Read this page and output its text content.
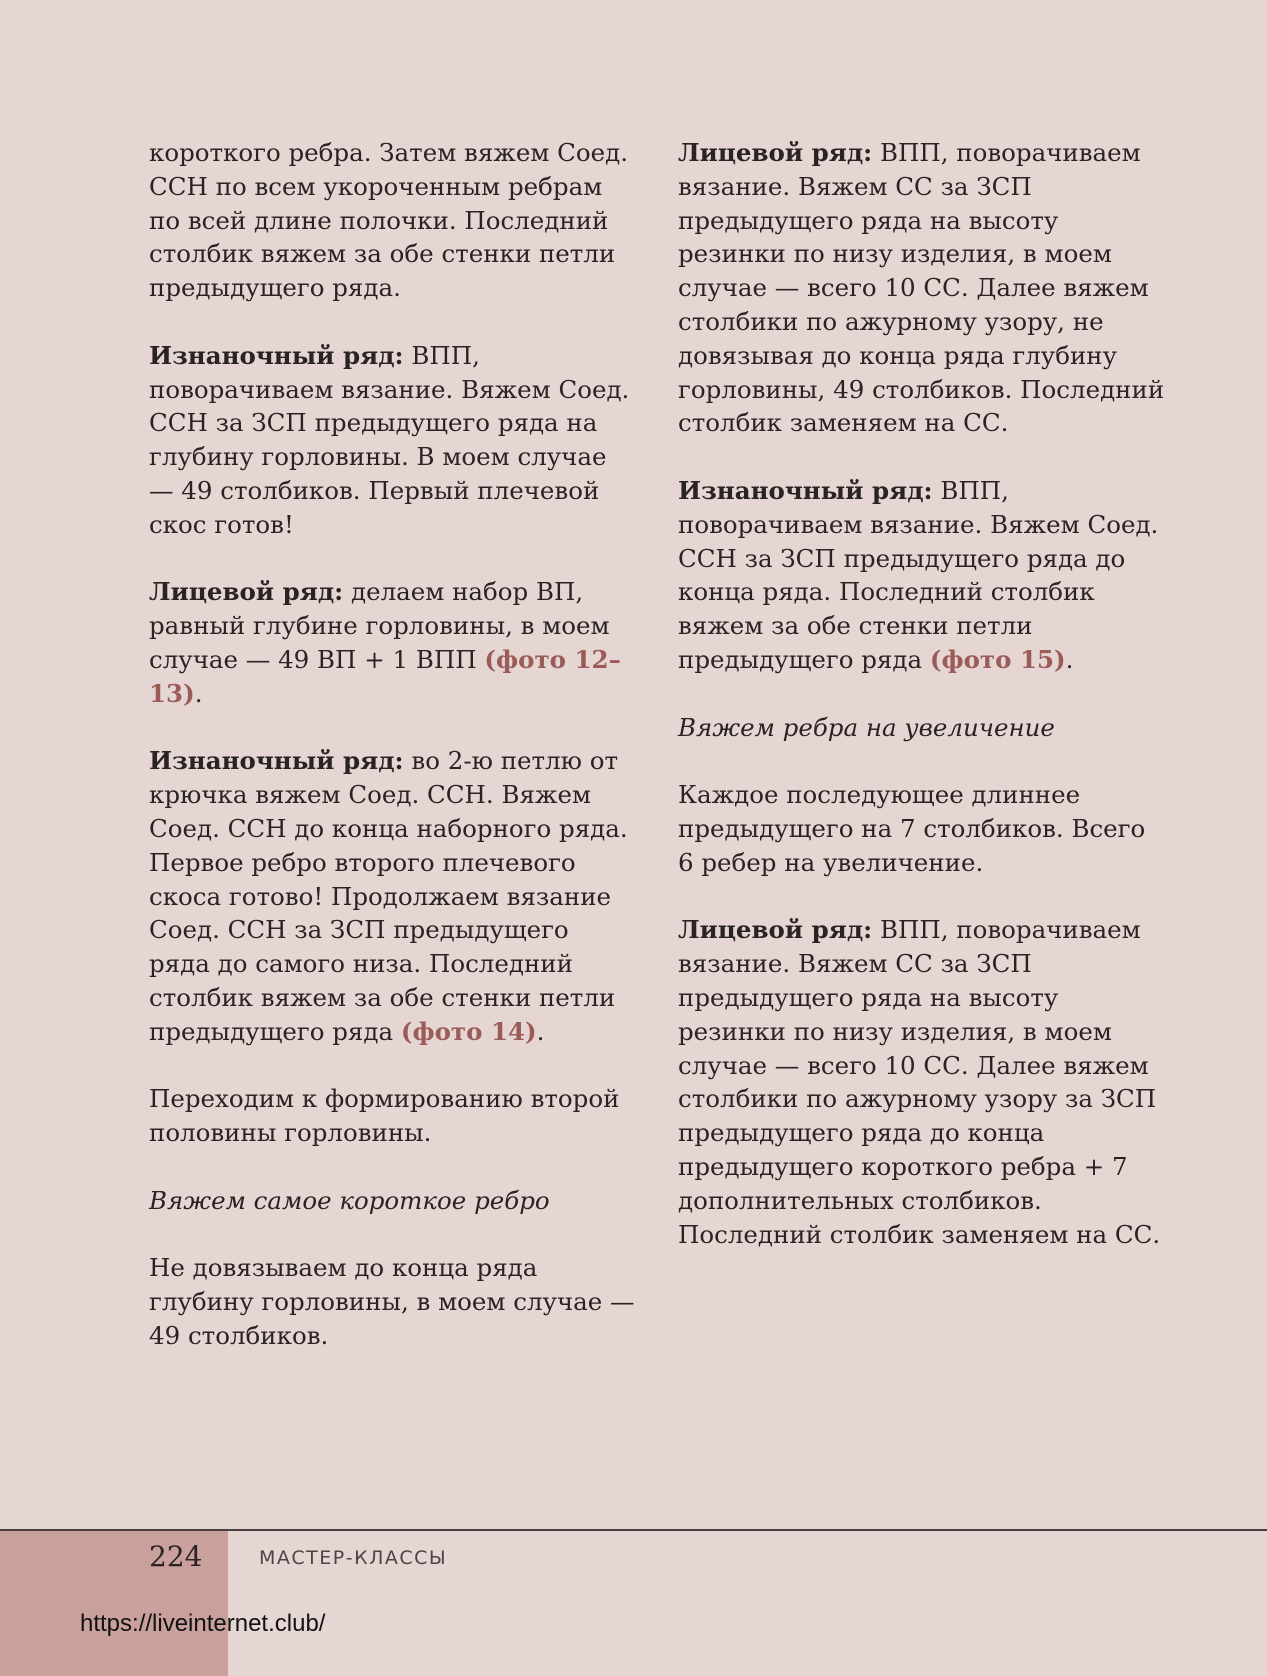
короткого ребра. Затем вяжем Соед. ССН по всем укороченным ребрам по всей длине полочки. Последний столбик вяжем за обе стенки петли предыдущего ряда.

Изнаночный ряд: ВПП, поворачиваем вязание. Вяжем Соед. ССН за ЗСП предыдущего ряда на глубину горловины. В моем случае — 49 столбиков. Первый плечевой скос готов!

Лицевой ряд: делаем набор ВП, равный глубине горловины, в моем случае — 49 ВП + 1 ВПП (фото 12–13).

Изнаночный ряд: во 2-ю петлю от крючка вяжем Соед. ССН. Вяжем Соед. ССН до конца наборного ряда. Первое ребро второго плечевого скоса готово! Продолжаем вязание Соед. ССН за ЗСП предыдущего ряда до самого низа. Последний столбик вяжем за обе стенки петли предыдущего ряда (фото 14).

Переходим к формированию второй половины горловины.

Вяжем самое короткое ребро

Не довязываем до конца ряда глубину горловины, в моем случае — 49 столбиков.

Лицевой ряд: ВПП, поворачиваем вязание. Вяжем СС за ЗСП предыдущего ряда на высоту резинки по низу изделия, в моем случае — всего 10 СС. Далее вяжем столбики по ажурному узору, не довязывая до конца ряда глубину горловины, 49 столбиков. Последний столбик заменяем на СС.

Изнаночный ряд: ВПП, поворачиваем вязание. Вяжем Соед. ССН за ЗСП предыдущего ряда до конца ряда. Последний столбик вяжем за обе стенки петли предыдущего ряда (фото 15).

Вяжем ребра на увеличение

Каждое последующее длиннее предыдущего на 7 столбиков. Всего 6 ребер на увеличение.

Лицевой ряд: ВПП, поворачиваем вязание. Вяжем СС за ЗСП предыдущего ряда на высоту резинки по низу изделия, в моем случае — всего 10 СС. Далее вяжем столбики по ажурному узору за ЗСП предыдущего ряда до конца предыдущего короткого ребра + 7 дополнительных столбиков. Последний столбик заменяем на СС.

224	МАСТЕР-КЛАССЫ
https://liveinternet.club/
